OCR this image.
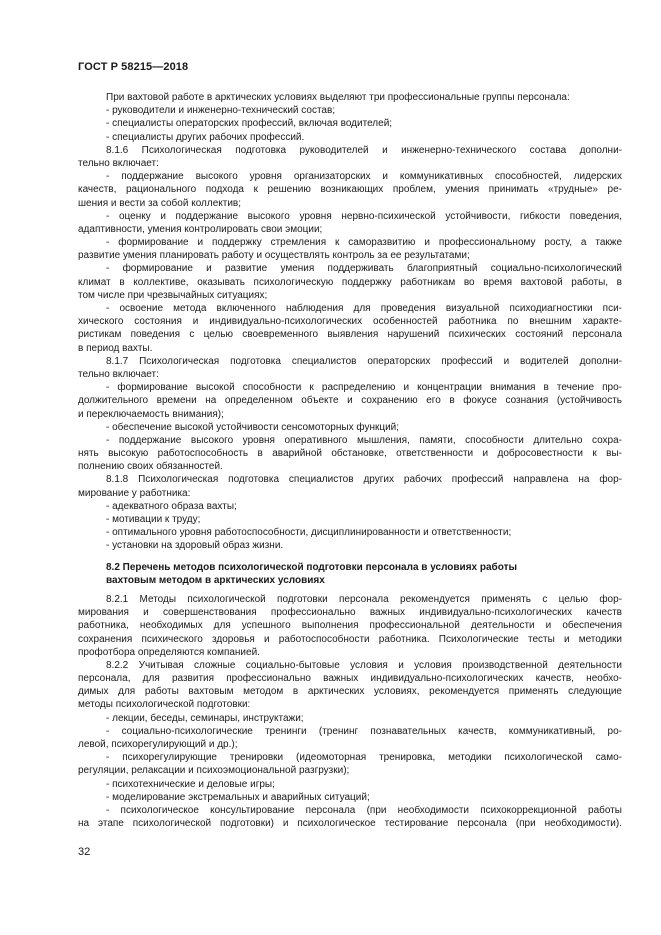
ГОСТ Р 58215—2018
При вахтовой работе в арктических условиях выделяют три профессиональные группы персонала:
- руководители и инженерно-технический состав;
- специалисты операторских профессий, включая водителей;
- специалисты других рабочих профессий.
8.1.6 Психологическая подготовка руководителей и инженерно-технического состава дополни-
тельно включает:
- поддержание высокого уровня организаторских и коммуникативных способностей, лидерских
качеств, рационального подхода к решению возникающих проблем, умения принимать «трудные» ре-
шения и вести за собой коллектив;
- оценку и поддержание высокого уровня нервно-психической устойчивости, гибкости поведения,
адаптивности, умения контролировать свои эмоции;
- формирование и поддержку стремления к саморазвитию и профессиональному росту, а также
развитие умения планировать работу и осуществлять контроль за ее результатами;
- формирование и развитие умения поддерживать благоприятный социально-психологический
климат в коллективе, оказывать психологическую поддержку работникам во время вахтовой работы, в
том числе при чрезвычайных ситуациях;
- освоение метода включенного наблюдения для проведения визуальной психодиагностики пси-
хического состояния и индивидуально-психологических особенностей работника по внешним характе-
ристикам поведения с целью своевременного выявления нарушений психических состояний персонала
в период вахты.
8.1.7 Психологическая подготовка специалистов операторских профессий и водителей дополни-
тельно включает:
- формирование высокой способности к распределению и концентрации внимания в течение про-
должительного времени на определенном объекте и сохранению его в фокусе сознания (устойчивость
и переключаемость внимания);
- обеспечение высокой устойчивости сенсомоторных функций;
- поддержание высокого уровня оперативного мышления, памяти, способности длительно сохра-
нять высокую работоспособность в аварийной обстановке, ответственности и добросовестности к вы-
полнению своих обязанностей.
8.1.8 Психологическая подготовка специалистов других рабочих профессий направлена на фор-
мирование у работника:
- адекватного образа вахты;
- мотивации к труду;
- оптимального уровня работоспособности, дисциплинированности и ответственности;
- установки на здоровый образ жизни.
8.2 Перечень методов психологической подготовки персонала в условиях работы
вахтовым методом в арктических условиях
8.2.1 Методы психологической подготовки персонала рекомендуется применять с целью фор-
мирования и совершенствования профессионально важных индивидуально-психологических качеств
работника, необходимых для успешного выполнения профессиональной деятельности и обеспечения
сохранения психического здоровья и работоспособности работника. Психологические тесты и методики
профотбора определяются компанией.
8.2.2 Учитывая сложные социально-бытовые условия и условия производственной деятельности
персонала, для развития профессионально важных индивидуально-психологических качеств, необхо-
димых для работы вахтовым методом в арктических условиях, рекомендуется применять следующие
методы психологической подготовки:
- лекции, беседы, семинары, инструктажи;
- социально-психологические тренинги (тренинг познавательных качеств, коммуникативный, ро-
левой, психорегулирующий и др.);
- психорегулирующие тренировки (идеомоторная тренировка, методики психологической само-
регуляции, релаксации и психоэмоциональной разгрузки);
- психотехнические и деловые игры;
- моделирование экстремальных и аварийных ситуаций;
- психологическое консультирование персонала (при необходимости психокоррекционной работы
на этапе психологической подготовки) и психологическое тестирование персонала (при необходимости).
32
